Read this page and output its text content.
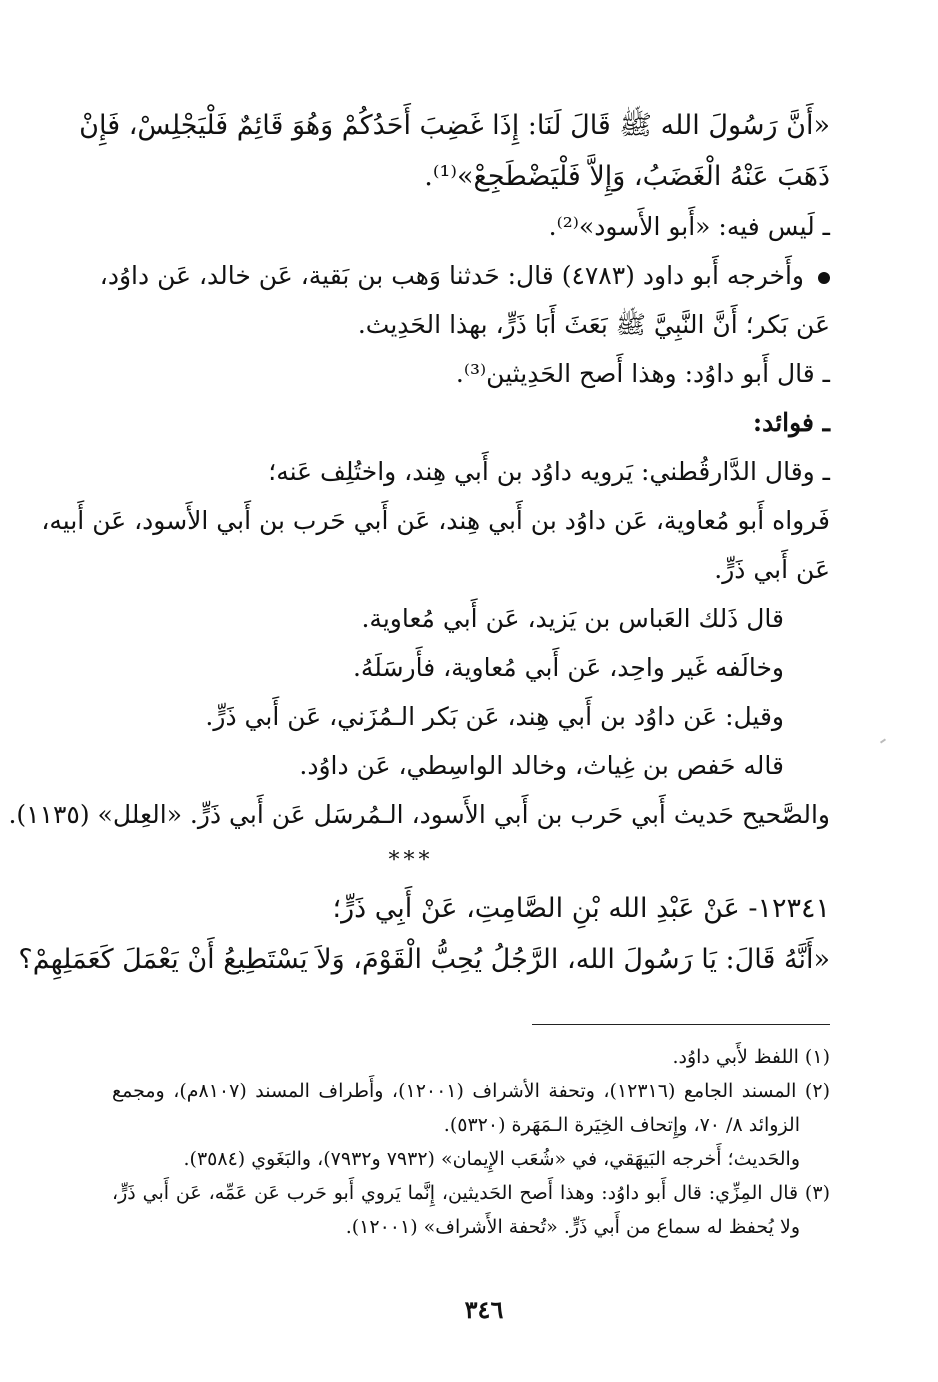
«أَنَّ رَسُولَ الله ﷺ قَالَ لَنَا: إِذَا غَضِبَ أَحَدُكُمْ وَهُوَ قَائِمٌ فَلْيَجْلِسْ، فَإِنْ

ذَهَبَ عَنْهُ الْغَضَبُ، وَإِلاَّ فَلْيَضْطَجِعْ»⁽¹⁾.

ـ لَيس فيه: «أَبو الأَسود»⁽²⁾.

وأَخرجه أَبو داود (٤٧٨٣) قال: حَدثنا وَهب بن بَقية، عَن خالد، عَن داوُد،

عَن بَكر؛ أَنَّ النَّبِيَّ ﷺ بَعَثَ أَبَا ذَرٍّ، بهذا الحَدِيث.

ـ قال أَبو داوُد: وهذا أَصح الحَدِيثين⁽³⁾.

ـ فوائد:

ـ وقال الدَّارقُطني: يَرويه داوُد بن أَبي هِند، واختُلِف عَنه؛

فَرواه أَبو مُعاوية، عَن داوُد بن أَبي هِند، عَن أَبي حَرب بن أَبي الأَسود، عَن أَبيه،

عَن أَبي ذَرٍّ.

قال ذَلك العَباس بن يَزيد، عَن أَبي مُعاوية.

وخالَفه غَير واحِد، عَن أَبي مُعاوية، فأَرسَلَهُ.

وقيل: عَن داوُد بن أَبي هِند، عَن بَكر الـمُزَني، عَن أَبي ذَرٍّ.

قاله حَفص بن غِياث، وخالد الواسِطي، عَن داوُد.

والصَّحيح حَديث أَبي حَرب بن أَبي الأَسود، الـمُرسَل عَن أَبي ذَرٍّ. «العِلل» (١١٣٥).

***

١٢٣٤١- عَنْ عَبْدِ الله بْنِ الصَّامِتِ، عَنْ أَبِي ذَرٍّ؛

«أَنَّهُ قَالَ: يَا رَسُولَ الله، الرَّجُلُ يُحِبُّ الْقَوْمَ، وَلاَ يَسْتَطِيعُ أَنْ يَعْمَلَ كَعَمَلِهِمْ؟

(١) اللفظ لأَبي داوُد.

(٢) المسند الجامع (١٢٣١٦)، وتحفة الأشراف (١٢٠٠١)، وأَطراف المسند (٨١٠٧م)، ومجمع

الزوائد ٨/ ٧٠، وإِتحاف الخِيَرة الـمَهَرة (٥٣٢٠).

والحَديث؛ أَخرجه البَيهَقي، في «شُعَب الإِيمان» (٧٩٣٢ و٧٩٣٢)، والبَغَوي (٣٥٨٤).

(٣) قال المِزِّي: قال أَبو داوُد: وهذا أَصح الحَديثين، إِنَّما يَروي أَبو حَرب عَن عَمِّه، عَن أَبي ذَرٍّ،

ولا يُحفظ له سماع من أَبي ذَرٍّ. «تُحفة الأَشراف» (١٢٠٠١).

٣٤٦
